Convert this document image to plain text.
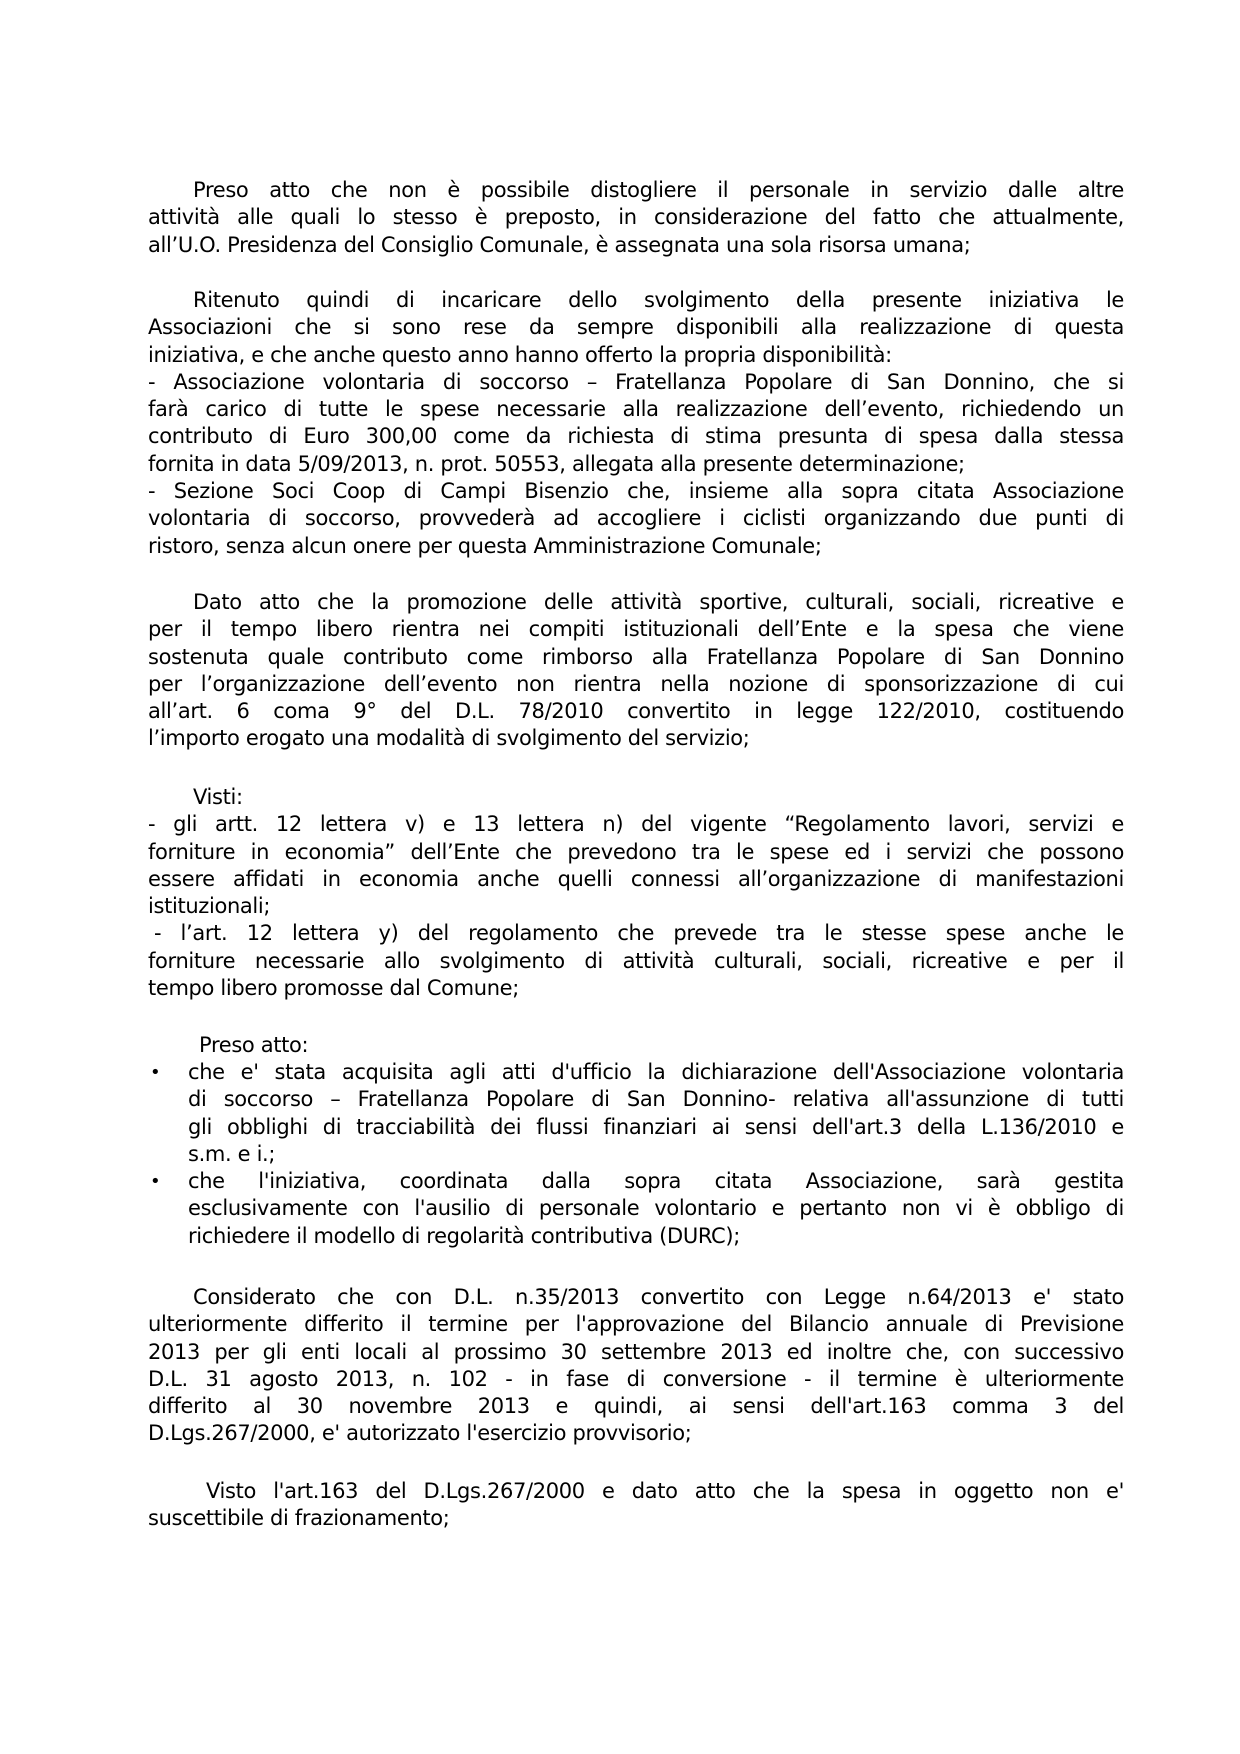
Preso atto che non è possibile distogliere il personale in servizio dalle altre
attività alle quali lo stesso è preposto, in considerazione del fatto che attualmente,
all’U.O. Presidenza del Consiglio Comunale, è assegnata una sola risorsa umana;
Ritenuto quindi di incaricare dello svolgimento della presente iniziativa le
Associazioni che si sono rese da sempre disponibili alla realizzazione di questa
iniziativa, e che anche questo anno hanno offerto la propria disponibilità:
- Associazione volontaria di soccorso – Fratellanza Popolare di San Donnino, che si
farà carico di tutte le spese necessarie alla realizzazione dell’evento, richiedendo un
contributo di Euro 300,00 come da richiesta di stima presunta di spesa dalla stessa
fornita in data 5/09/2013, n. prot. 50553, allegata alla presente determinazione;
- Sezione Soci Coop di Campi Bisenzio che, insieme alla sopra citata Associazione
volontaria di soccorso, provvederà ad accogliere i ciclisti organizzando due punti di
ristoro, senza alcun onere per questa Amministrazione Comunale;
Dato atto che la promozione delle attività sportive, culturali, sociali, ricreative e
per il tempo libero rientra nei compiti istituzionali dell’Ente e la spesa che viene
sostenuta quale contributo come rimborso alla Fratellanza Popolare di San Donnino
per l’organizzazione dell’evento non rientra nella nozione di sponsorizzazione di cui
all’art. 6 coma 9° del D.L. 78/2010 convertito in legge 122/2010, costituendo
l’importo erogato una modalità di svolgimento del servizio;
Visti:
- gli artt. 12 lettera v) e 13 lettera n) del vigente “Regolamento lavori, servizi e
forniture in economia” dell’Ente che prevedono tra le spese ed i servizi che possono
essere affidati in economia anche quelli connessi all’organizzazione di manifestazioni
istituzionali;
- l’art. 12 lettera y) del regolamento che prevede tra le stesse spese anche le
forniture necessarie allo svolgimento di attività culturali, sociali, ricreative e per il
tempo libero promosse dal Comune;
Preso atto:
•	che e' stata acquisita agli atti d'ufficio la dichiarazione dell'Associazione volontaria
di soccorso – Fratellanza Popolare di San Donnino- relativa all'assunzione di tutti
gli obblighi di tracciabilità dei flussi finanziari ai sensi dell'art.3 della L.136/2010 e
s.m. e i.;
•	che l'iniziativa, coordinata dalla sopra citata Associazione, sarà gestita
esclusivamente con l'ausilio di personale volontario e pertanto non vi è obbligo di
richiedere il modello di regolarità contributiva (DURC);
Considerato che con D.L. n.35/2013 convertito con Legge n.64/2013 e' stato
ulteriormente differito il termine per l'approvazione del Bilancio annuale di Previsione
2013 per gli enti locali al prossimo 30 settembre 2013 ed inoltre che, con successivo
D.L. 31 agosto 2013, n. 102 - in fase di conversione - il termine è ulteriormente
differito al 30 novembre 2013 e quindi, ai sensi dell'art.163 comma 3 del
D.Lgs.267/2000, e' autorizzato l'esercizio provvisorio;
Visto l'art.163 del D.Lgs.267/2000 e dato atto che la spesa in oggetto non e'
suscettibile di frazionamento;
